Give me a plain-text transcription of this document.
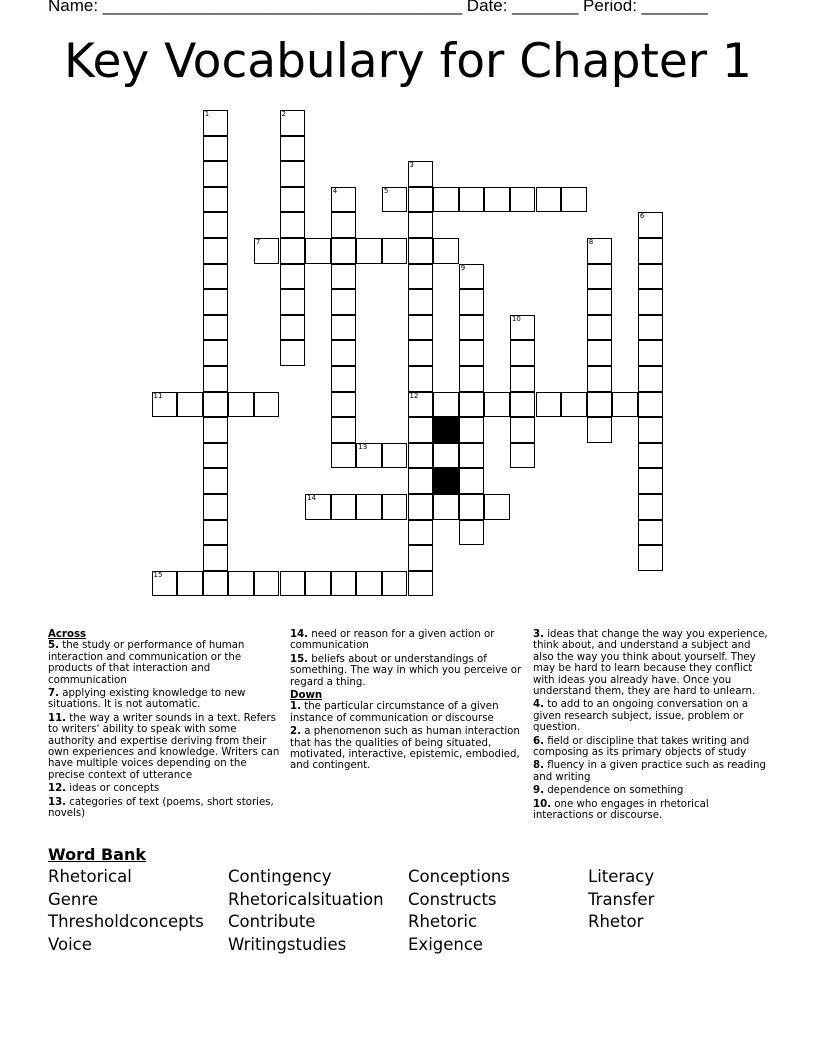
Name: ______________________________________ Date: _______ Period: _______
Key Vocabulary for Chapter 1
1	2
3
12
4	5
6
7	8
9
10
11
13
14
15
Across
5. the study or performance of human interaction and communication or the products of that interaction and communication
7. applying existing knowledge to new situations. It is not automatic.
11. the way a writer sounds in a text. Refers to writers' ability to speak with some authority and expertise deriving from their own experiences and knowledge. Writers can have multiple voices depending on the precise context of utterance
12. ideas or concepts
13. categories of text (poems, short stories, novels)
14. need or reason for a given action or communication
15. beliefs about or understandings of something. The way in which you perceive or regard a thing.
Down
1. the particular circumstance of a given instance of communication or discourse
2. a phenomenon such as human interaction that has the qualities of being situated, motivated, interactive, epistemic, embodied, and contingent.
3. ideas that change the way you experience, think about, and understand a subject and also the way you think about yourself. They may be hard to learn because they conflict with ideas you already have. Once you understand them, they are hard to unlearn.
4. to add to an ongoing conversation on a given research subject, issue, problem or question.
6. field or discipline that takes writing and composing as its primary objects of study
8. fluency in a given practice such as reading and writing
9. dependence on something
10. one who engages in rhetorical interactions or discourse.
Word Bank
Rhetorical
Genre
Thresholdconcepts
Voice
Contingency
Rhetoricalsituation
Contribute
Writingstudies
Conceptions
Constructs
Rhetoric
Exigence
Literacy
Transfer
Rhetor
